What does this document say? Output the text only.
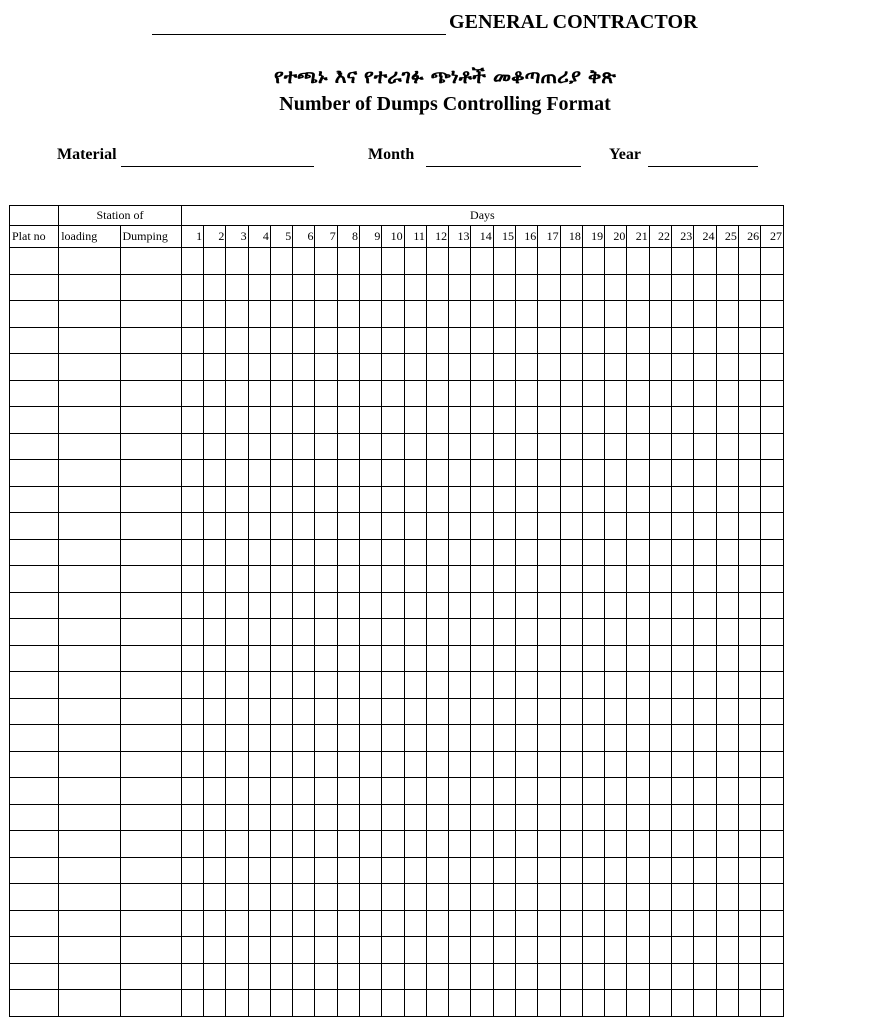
GENERAL CONTRACTOR
የተጫኑ እና የተራገፉ ጭነቶች መቆጣጠሪያ ቅጽ
Number of Dumps Controlling Format
Material	Month	Year
	Station of		Days																										
Plat no	loading	Dumping	1	2	3	4	5	6	7	8	9	10	11	12	13	14	15	16	17	18	19	20	21	22	23	24	25	26	27
